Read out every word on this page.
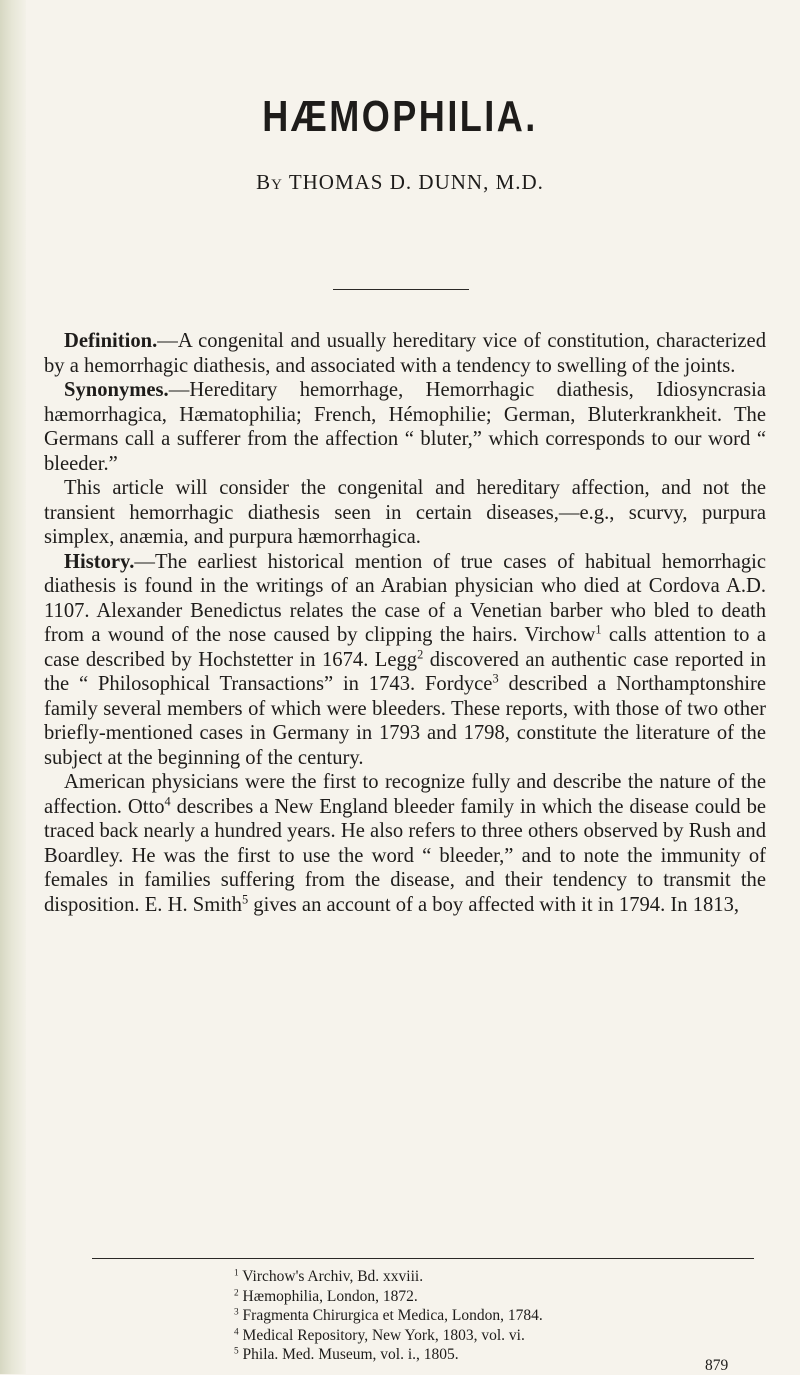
HÆMOPHILIA.
By THOMAS D. DUNN, M.D.

Definition.—A congenital and usually hereditary vice of constitution, characterized by a hemorrhagic diathesis, and associated with a tendency to swelling of the joints.

Synonymes.—Hereditary hemorrhage, Hemorrhagic diathesis, Idiosyncrasia hæmorrhagica, Hæmatophilia; French, Hémophilie; German, Bluterkrankheit. The Germans call a sufferer from the affection “ bluter,” which corresponds to our word “ bleeder.”

This article will consider the congenital and hereditary affection, and not the transient hemorrhagic diathesis seen in certain diseases,—e.g., scurvy, purpura simplex, anæmia, and purpura hæmorrhagica.

History.—The earliest historical mention of true cases of habitual hemorrhagic diathesis is found in the writings of an Arabian physician who died at Cordova A.D. 1107. Alexander Benedictus relates the case of a Venetian barber who bled to death from a wound of the nose caused by clipping the hairs. Virchow$^1$ calls attention to a case described by Hochstetter in 1674. Legg$^2$ discovered an authentic case reported in the “ Philosophical Transactions” in 1743. Fordyce$^3$ described a Northamptonshire family several members of which were bleeders. These reports, with those of two other briefly-mentioned cases in Germany in 1793 and 1798, constitute the literature of the subject at the beginning of the century.

American physicians were the first to recognize fully and describe the nature of the affection. Otto$^4$ describes a New England bleeder family in which the disease could be traced back nearly a hundred years. He also refers to three others observed by Rush and Boardley. He was the first to use the word “ bleeder,” and to note the immunity of females in families suffering from the disease, and their tendency to transmit the disposition. E. H. Smith$^5$ gives an account of a boy affected with it in 1794. In 1813,

$^1$ Virchow's Archiv, Bd. xxviii.
$^2$ Hæmophilia, London, 1872.
$^3$ Fragmenta Chirurgica et Medica, London, 1784.
$^4$ Medical Repository, New York, 1803, vol. vi.
$^5$ Phila. Med. Museum, vol. i., 1805.
879
